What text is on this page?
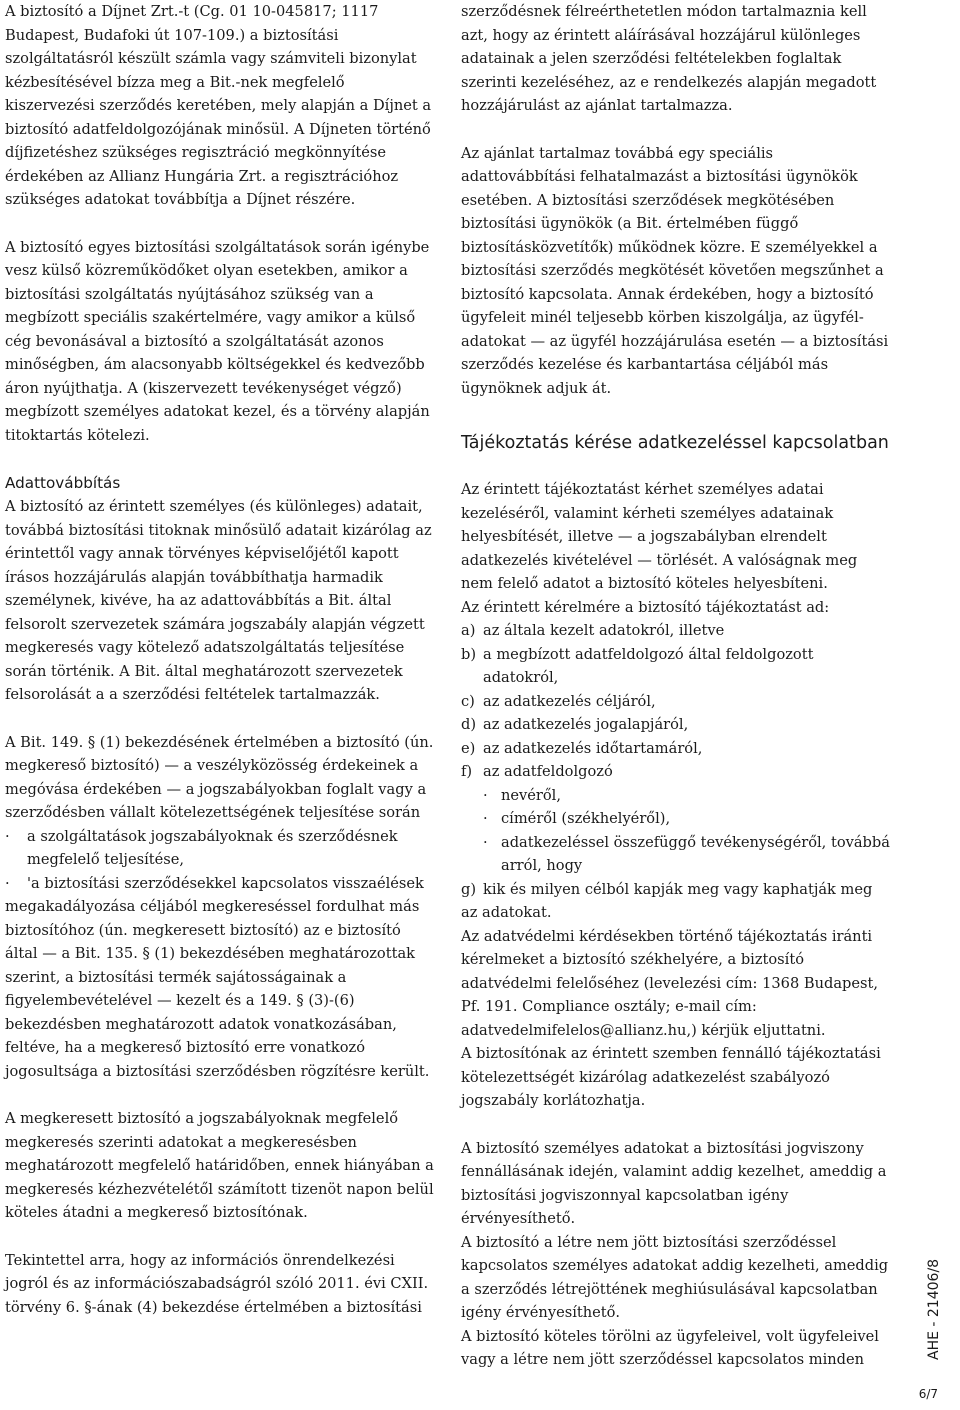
A biztosító a Díjnet Zrt.-t (Cg. 01 10-045817; 1117 Budapest, Budafoki út 107-109.) a biztosítási szolgáltatásról készült számla vagy számviteli bizonylat kézbesítésével bízza meg a Bit.-nek megfelelő kiszervezési szerződés keretében, mely alapján a Díjnet a biztosító adatfeldolgozójának minősül. A Díjneten történő díjfizetéshez szükséges regisztráció megkönnyítése érdekében az Allianz Hungária Zrt. a regisztrációhoz szükséges adatokat továbbítja a Díjnet részére.

A biztosító egyes biztosítási szolgáltatások során igénybe vesz külső közreműködőket olyan esetekben, amikor a biztosítási szolgáltatás nyújtásához szükség van a megbízott speciális szakértelmére, vagy amikor a külső cég bevonásával a biztosító a szolgáltatását azonos minőségben, ám alacsonyabb költségekkel és kedvezőbb áron nyújthatja. A (kiszervezett tevékenységet végző) megbízott személyes adatokat kezel, és a törvény alapján titoktartás kötelezi.

Adattovábbítás

A biztosító az érintett személyes (és különleges) adatait, továbbá biztosítási titoknak minősülő adatait kizárólag az érintettől vagy annak törvényes képviselőjétől kapott írásos hozzájárulás alapján továbbíthatja harmadik személynek, kivéve, ha az adattovábbítás a Bit. által felsorolt szervezetek számára jogszabály alapján végzett megkeresés vagy kötelező adatszolgáltatás teljesítése során történik. A Bit. által meghatározott szervezetek felsorolását a a szerződési feltételek tartalmazzák.

A Bit. 149. § (1) bekezdésének értelmében a biztosító (ún. megkereső biztosító) — a veszélyközösség érdekeinek a megóvása érdekében — a jogszabályokban foglalt vagy a szerződésben vállalt kötelezettségének teljesítése során

·	a szolgáltatások jogszabályoknak és szerződésnek megfelelő teljesítése,
·	'a biztosítási szerződésekkel kapcsolatos visszaélések

megakadályozása céljából megkereséssel fordulhat más biztosítóhoz (ún. megkeresett biztosító) az e biztosító által — a Bit. 135. § (1) bekezdésében meghatározottak szerint, a biztosítási termék sajátosságainak a figyelembevételével — kezelt és a 149. § (3)-(6) bekezdésben meghatározott adatok vonatkozásában, feltéve, ha a megkereső biztosító erre vonatkozó jogosultsága a biztosítási szerződésben rögzítésre került.

A megkeresett biztosító a jogszabályoknak megfelelő megkeresés szerinti adatokat a megkeresésben meghatározott megfelelő határidőben, ennek hiányában a megkeresés kézhezvételétől számított tizenöt napon belül köteles átadni a megkereső biztosítónak.

Tekintettel arra, hogy az információs önrendelkezési jogról és az információszabadságról szóló 2011. évi CXII. törvény 6. §-ának (4) bekezdése értelmében a biztosítási

szerződésnek félreérthetetlen módon tartalmaznia kell azt, hogy az érintett aláírásával hozzájárul különleges adatainak a jelen szerződési feltételekben foglaltak szerinti kezeléséhez, az e rendelkezés alapján megadott hozzájárulást az ajánlat tartalmazza.

Az ajánlat tartalmaz továbbá egy speciális adattovábbítási felhatalmazást a biztosítási ügynökök esetében. A biztosítási szerződések megkötésében biztosítási ügynökök (a Bit. értelmében függő biztosításközvetítők) működnek közre. E személyekkel a biztosítási szerződés megkötését követően megszűnhet a biztosító kapcsolata. Annak érdekében, hogy a biztosító ügyfeleit minél teljesebb körben kiszolgálja, az ügyfél-adatokat — az ügyfél hozzájárulása esetén — a biztosítási szerződés kezelése és karbantartása céljából más ügynöknek adjuk át.

Tájékoztatás kérése adatkezeléssel kapcsolatban

Az érintett tájékoztatást kérhet személyes adatai kezeléséről, valamint kérheti személyes adatainak helyesbítését, illetve — a jogszabályban elrendelt adatkezelés kivételével — törlését. A valóságnak meg nem felelő adatot a biztosító köteles helyesbíteni.

Az érintett kérelmére a biztosító tájékoztatást ad:

a) az általa kezelt adatokról, illetve
b) a megbízott adatfeldolgozó által feldolgozott adatokról,
c) az adatkezelés céljáról,
d) az adatkezelés jogalapjáról,
e) az adatkezelés időtartamáról,
f) az adatfeldolgozó
· nevéről,
· címéről (székhelyéről),
· adatkezeléssel összefüggő tevékenységéről, továbbá arról, hogy
g) kik és milyen célból kapják meg vagy kaphatják meg

az adatokat.

Az adatvédelmi kérdésekben történő tájékoztatás iránti kérelmeket a biztosító székhelyére, a biztosító adatvédelmi felelőséhez (levelezési cím: 1368 Budapest, Pf. 191. Compliance osztály; e-mail cím: adatvedelmifelelos@allianz.hu,) kérjük eljuttatni.

A biztosítónak az érintett szemben fennálló tájékoztatási kötelezettségét kizárólag adatkezelést szabályozó jogszabály korlátozhatja.

A biztosító személyes adatokat a biztosítási jogviszony fennállásának idején, valamint addig kezelhet, ameddig a biztosítási jogviszonnyal kapcsolatban igény érvényesíthető.

A biztosító a létre nem jött biztosítási szerződéssel kapcsolatos személyes adatokat addig kezelheti, ameddig a szerződés létrejöttének meghiúsulásával kapcsolatban igény érvényesíthető.

A biztosító köteles törölni az ügyfeleivel, volt ügyfeleivel vagy a létre nem jött szerződéssel kapcsolatos minden	AHE - 21406/8
6/7
